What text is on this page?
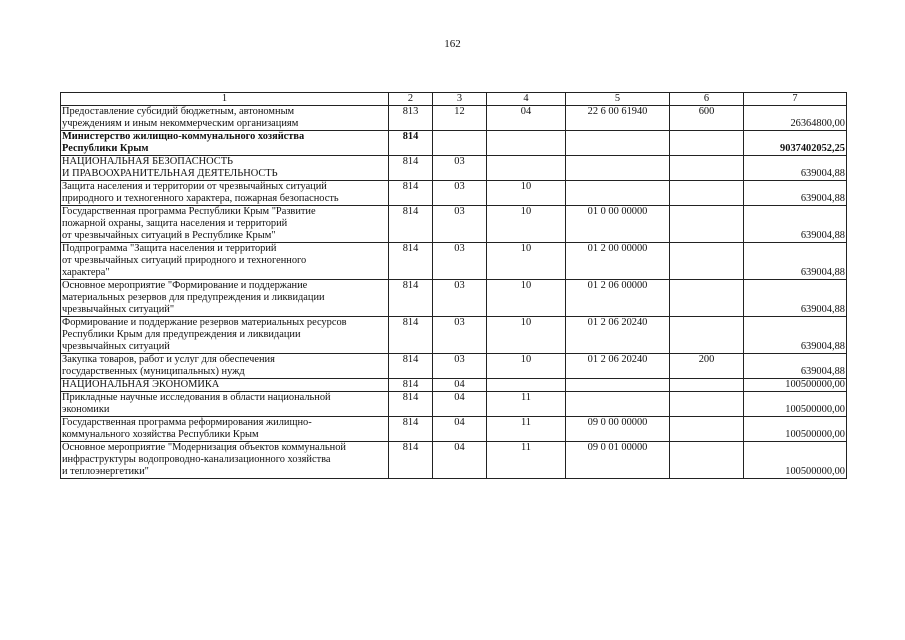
162
1	2	3	4	5	6	7

Предоставление субсидий бюджетным, автономным
учреждениям и иным некоммерческим организациям	813	12	04	22 6 00 61940	600	26364800,00

Министерство жилищно-коммунального хозяйства
Республики Крым	814					9037402052,25

НАЦИОНАЛЬНАЯ БЕЗОПАСНОСТЬ
И ПРАВООХРАНИТЕЛЬНАЯ ДЕЯТЕЛЬНОСТЬ	814	03				639004,88

Защита населения и территории от чрезвычайных ситуаций
природного и техногенного характера, пожарная безопасность	814	03	10			639004,88

Государственная программа Республики Крым "Развитие
пожарной охраны, защита населения и территорий
от чрезвычайных ситуаций в Республике Крым"	814	03	10	01 0 00 00000		639004,88

Подпрограмма "Защита населения и территорий
от чрезвычайных ситуаций природного и техногенного
характера"	814	03	10	01 2 00 00000		639004,88

Основное мероприятие "Формирование и поддержание
материальных резервов для предупреждения и ликвидации
чрезвычайных ситуаций"	814	03	10	01 2 06 00000		639004,88

Формирование и поддержание резервов материальных ресурсов
Республики Крым для предупреждения и ликвидации
чрезвычайных ситуаций	814	03	10	01 2 06 20240		639004,88

Закупка товаров, работ и услуг для обеспечения
государственных (муниципальных) нужд	814	03	10	01 2 06 20240	200	639004,88

НАЦИОНАЛЬНАЯ ЭКОНОМИКА	814	04				100500000,00

Прикладные научные исследования в области национальной
экономики	814	04	11			100500000,00

Государственная программа реформирования жилищно-
коммунального хозяйства Республики Крым	814	04	11	09 0 00 00000		100500000,00

Основное мероприятие "Модернизация объектов коммунальной
инфраструктуры водопроводно-канализационного хозяйства
и теплоэнергетики"	814	04	11	09 0 01 00000		100500000,00
